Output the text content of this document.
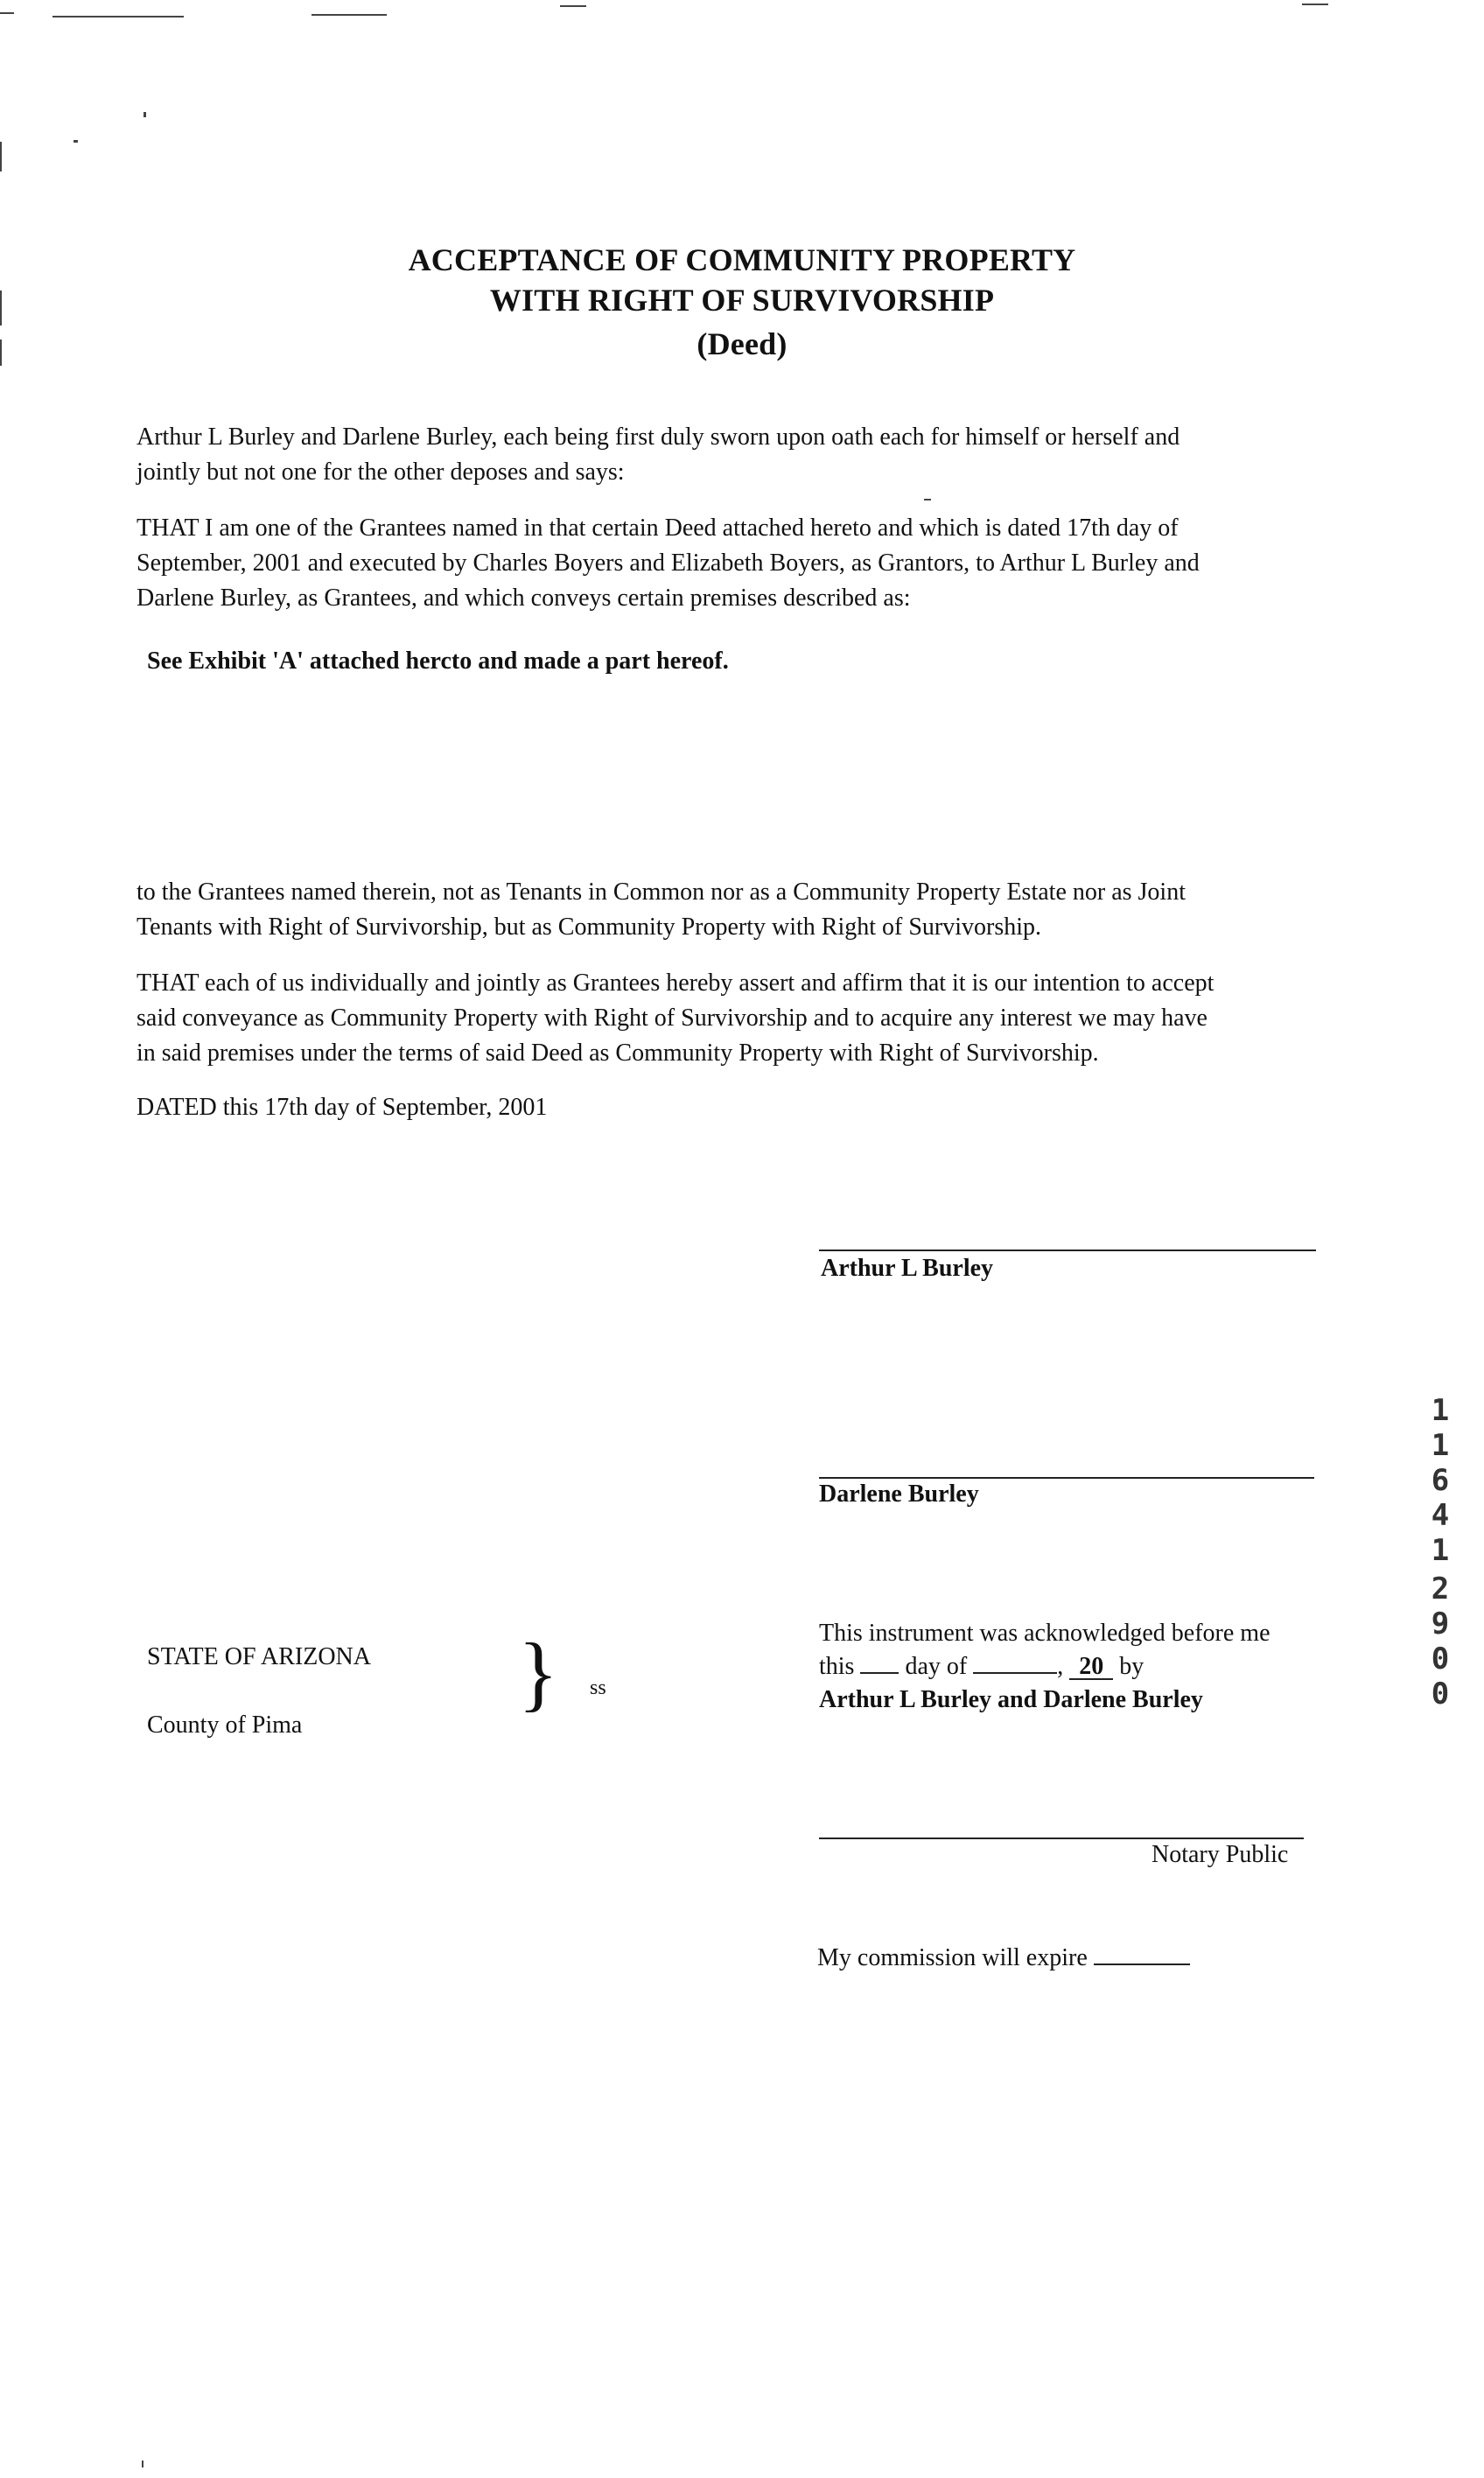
ACCEPTANCE OF COMMUNITY PROPERTY
WITH RIGHT OF SURVIVORSHIP
(Deed)
Arthur L Burley and Darlene Burley, each being first duly sworn upon oath each for himself or herself and
jointly but not one for the other deposes and says:
THAT I am one of the Grantees named in that certain Deed attached hereto and which is dated 17th day of
September, 2001 and executed by Charles Boyers and Elizabeth Boyers, as Grantors, to Arthur L Burley and
Darlene Burley, as Grantees, and which conveys certain premises described as:
See Exhibit 'A' attached hercto and made a part hereof.
to the Grantees named therein, not as Tenants in Common nor as a Community Property Estate nor as Joint
Tenants with Right of Survivorship, but as Community Property with Right of Survivorship.
THAT each of us individually and jointly as Grantees hereby assert and affirm that it is our intention to accept
said conveyance as Community Property with Right of Survivorship and to acquire any interest we may have
in said premises under the terms of said Deed as Community Property with Right of Survivorship.
DATED this 17th day of September, 2001
Arthur L Burley
Darlene Burley
STATE OF ARIZONA
County of Pima
} ss
This instrument was acknowledged before me
this day of	, 20 by
Arthur L Burley and Darlene Burley
Notary Public
My commission will expire
1
1
6
4
1
2
9
0
0
